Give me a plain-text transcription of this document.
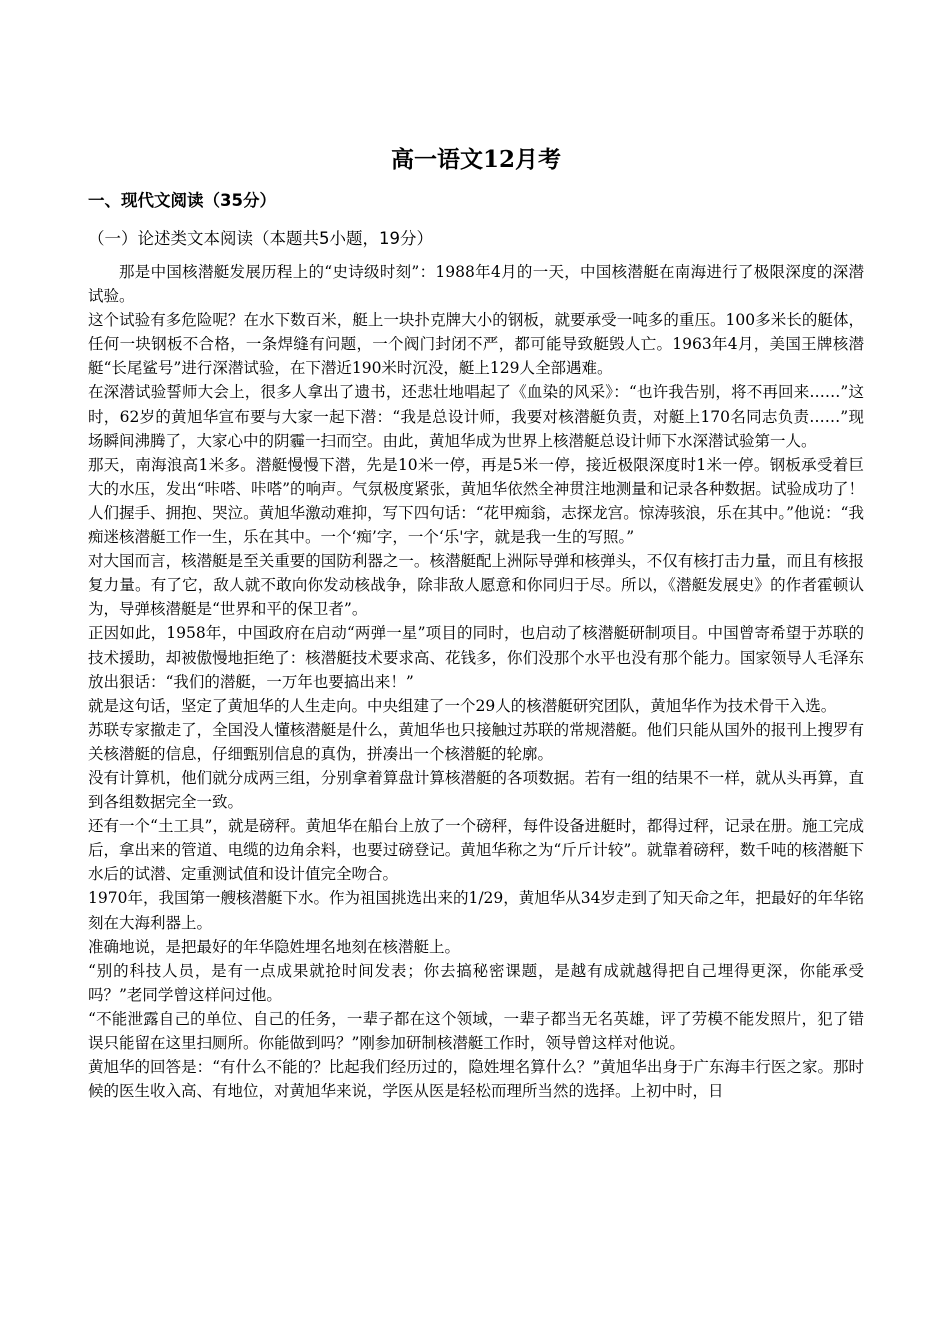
高一语文12月考
一、现代文阅读（35分）
（一）论述类文本阅读（本题共5小题，19分）

那是中国核潜艇发展历程上的“史诗级时刻”：1988年4月的一天，中国核潜艇在南海进行了极限深度的深潜试验。

这个试验有多危险呢？在水下数百米，艇上一块扑克牌大小的钢板，就要承受一吨多的重压。100多米长的艇体，任何一块钢板不合格，一条焊缝有问题，一个阀门封闭不严，都可能导致艇毁人亡。1963年4月，美国王牌核潜艇“长尾鲨号”进行深潜试验，在下潜近190米时沉没，艇上129人全部遇难。

在深潜试验誓师大会上，很多人拿出了遗书，还悲壮地唱起了《血染的风采》：“也许我告别，将不再回来……”这时，62岁的黄旭华宣布要与大家一起下潜：“我是总设计师，我要对核潜艇负责，对艇上170名同志负责……”现场瞬间沸腾了，大家心中的阴霾一扫而空。由此，黄旭华成为世界上核潜艇总设计师下水深潜试验第一人。

那天，南海浪高1米多。潜艇慢慢下潜，先是10米一停，再是5米一停，接近极限深度时1米一停。钢板承受着巨大的水压，发出“咔嗒、咔嗒”的响声。气氛极度紧张，黄旭华依然全神贯注地测量和记录各种数据。试验成功了！人们握手、拥抱、哭泣。黄旭华激动难抑，写下四句话：“花甲痴翁，志探龙宫。惊涛骇浪，乐在其中。”他说：“我痴迷核潜艇工作一生，乐在其中。一个‘痴’字，一个‘乐'字，就是我一生的写照。”

对大国而言，核潜艇是至关重要的国防利器之一。核潜艇配上洲际导弹和核弹头，不仅有核打击力量，而且有核报复力量。有了它，敌人就不敢向你发动核战争，除非敌人愿意和你同归于尽。所以，《潜艇发展史》的作者霍顿认为，导弹核潜艇是“世界和平的保卫者”。

正因如此，1958年，中国政府在启动“两弹一星”项目的同时，也启动了核潜艇研制项目。中国曾寄希望于苏联的技术援助，却被傲慢地拒绝了：核潜艇技术要求高、花钱多，你们没那个水平也没有那个能力。国家领导人毛泽东放出狠话：“我们的潜艇，一万年也要搞出来！”

就是这句话，坚定了黄旭华的人生走向。中央组建了一个29人的核潜艇研究团队，黄旭华作为技术骨干入选。

苏联专家撤走了，全国没人懂核潜艇是什么，黄旭华也只接触过苏联的常规潜艇。他们只能从国外的报刊上搜罗有关核潜艇的信息，仔细甄别信息的真伪，拼凑出一个核潜艇的轮廓。

没有计算机，他们就分成两三组，分别拿着算盘计算核潜艇的各项数据。若有一组的结果不一样，就从头再算，直到各组数据完全一致。

还有一个“土工具”，就是磅秤。黄旭华在船台上放了一个磅秤，每件设备进艇时，都得过秤，记录在册。施工完成后，拿出来的管道、电缆的边角余料，也要过磅登记。黄旭华称之为“斤斤计较”。就靠着磅秤，数千吨的核潜艇下水后的试潜、定重测试值和设计值完全吻合。

1970年，我国第一艘核潜艇下水。作为祖国挑选出来的1/29，黄旭华从34岁走到了知天命之年，把最好的年华铭刻在大海利器上。

准确地说，是把最好的年华隐姓埋名地刻在核潜艇上。

“别的科技人员，是有一点成果就抢时间发表；你去搞秘密课题，是越有成就越得把自己埋得更深，你能承受吗？”老同学曾这样问过他。

“不能泄露自己的单位、自己的任务，一辈子都在这个领域，一辈子都当无名英雄，评了劳模不能发照片，犯了错误只能留在这里扫厕所。你能做到吗？”刚参加研制核潜艇工作时，领导曾这样对他说。

黄旭华的回答是：“有什么不能的？比起我们经历过的，隐姓埋名算什么？”黄旭华出身于广东海丰行医之家。那时候的医生收入高、有地位，对黄旭华来说，学医从医是轻松而理所当然的选择。上初中时，日
